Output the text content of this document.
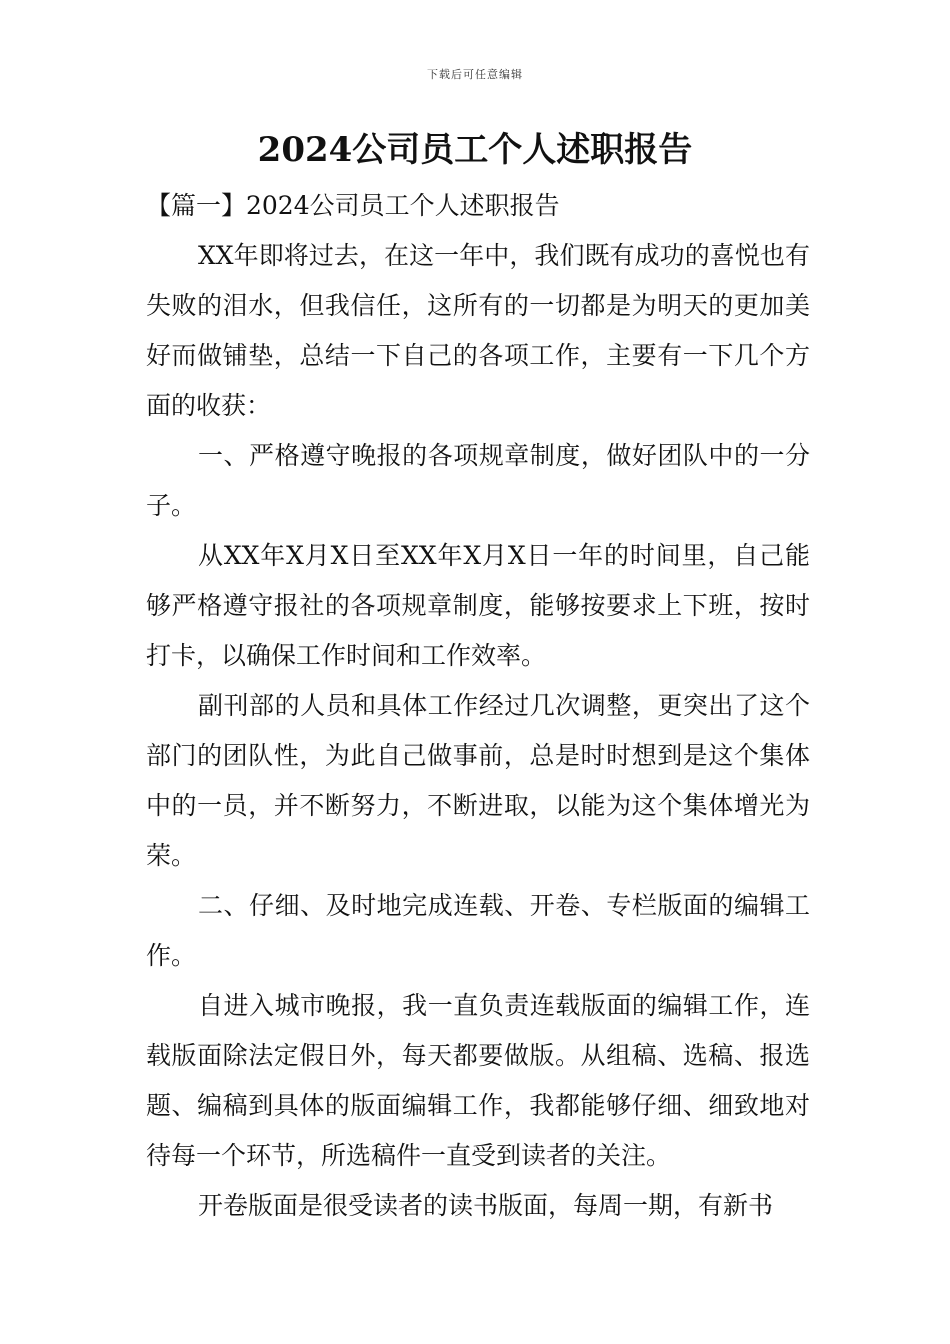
下载后可任意编辑
2024公司员工个人述职报告

【篇一】2024公司员工个人述职报告

XX年即将过去，在这一年中，我们既有成功的喜悦也有失败的泪水，但我信任，这所有的一切都是为明天的更加美好而做铺垫，总结一下自己的各项工作，主要有一下几个方面的收获：

一、严格遵守晚报的各项规章制度，做好团队中的一分子。

从XX年X月X日至XX年X月X日一年的时间里，自己能够严格遵守报社的各项规章制度，能够按要求上下班，按时打卡，以确保工作时间和工作效率。

副刊部的人员和具体工作经过几次调整，更突出了这个部门的团队性，为此自己做事前，总是时时想到是这个集体中的一员，并不断努力，不断进取，以能为这个集体增光为荣。

二、仔细、及时地完成连载、开卷、专栏版面的编辑工作。

自进入城市晚报，我一直负责连载版面的编辑工作，连载版面除法定假日外，每天都要做版。从组稿、选稿、报选题、编稿到具体的版面编辑工作，我都能够仔细、细致地对待每一个环节，所选稿件一直受到读者的关注。

开卷版面是很受读者的读书版面，每周一期，有新书
